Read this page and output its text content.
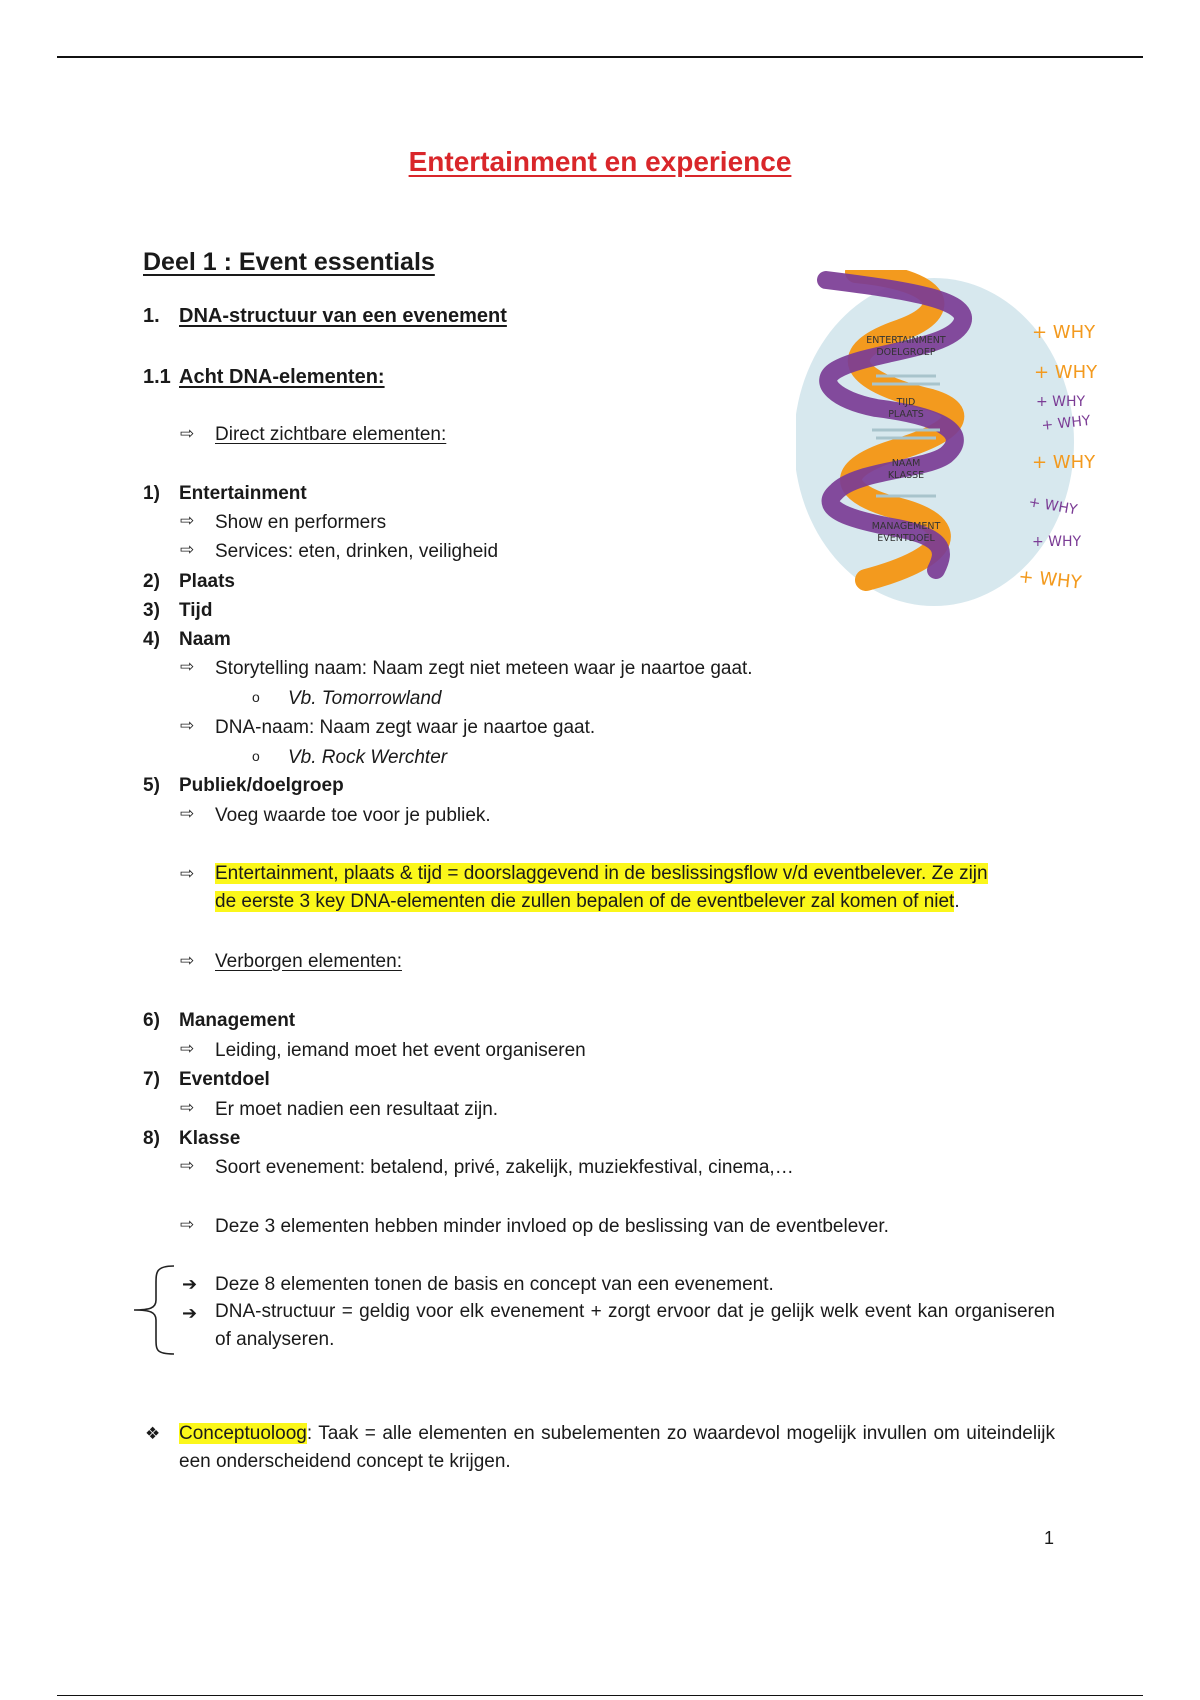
Entertainment en experience
Deel 1 : Event essentials
1. DNA-structuur van een evenement
1.1 Acht DNA-elementen:
⇨ Direct zichtbare elementen:
1) Entertainment
⇨ Show en performers
⇨ Services: eten, drinken, veiligheid
2) Plaats
3) Tijd
4) Naam
⇨ Storytelling naam: Naam zegt niet meteen waar je naartoe gaat.
o Vb. Tomorrowland
⇨ DNA-naam: Naam zegt waar je naartoe gaat.
o Vb. Rock Werchter
5) Publiek/doelgroep
⇨ Voeg waarde toe voor je publiek.
⇨ Entertainment, plaats & tijd = doorslaggevend in de beslissingsflow v/d eventbelever. Ze zijn
de eerste 3 key DNA-elementen die zullen bepalen of de eventbelever zal komen of niet.
⇨ Verborgen elementen:
6) Management
⇨ Leiding, iemand moet het event organiseren
7) Eventdoel
⇨ Er moet nadien een resultaat zijn.
8) Klasse
⇨ Soort evenement: betalend, privé, zakelijk, muziekfestival, cinema,…
⇨ Deze 3 elementen hebben minder invloed op de beslissing van de eventbelever.
➔ Deze 8 elementen tonen de basis en concept van een evenement.
➔ DNA-structuur = geldig voor elk evenement + zorgt ervoor dat je gelijk welk event kan organiseren of analyseren.
❖ Conceptuoloog: Taak = alle elementen en subelementen zo waardevol mogelijk invullen om uiteindelijk een onderscheidend concept te krijgen.
1
ENTERTAINMENT
DOELGROEP
TIJD
PLAATS
NAAM
KLASSE
MANAGEMENT
EVENTDOEL
+ WHY
+ WHY
+ WHY
+ WHY
+ WHY
+ WHY
+ WHY
+ WHY
